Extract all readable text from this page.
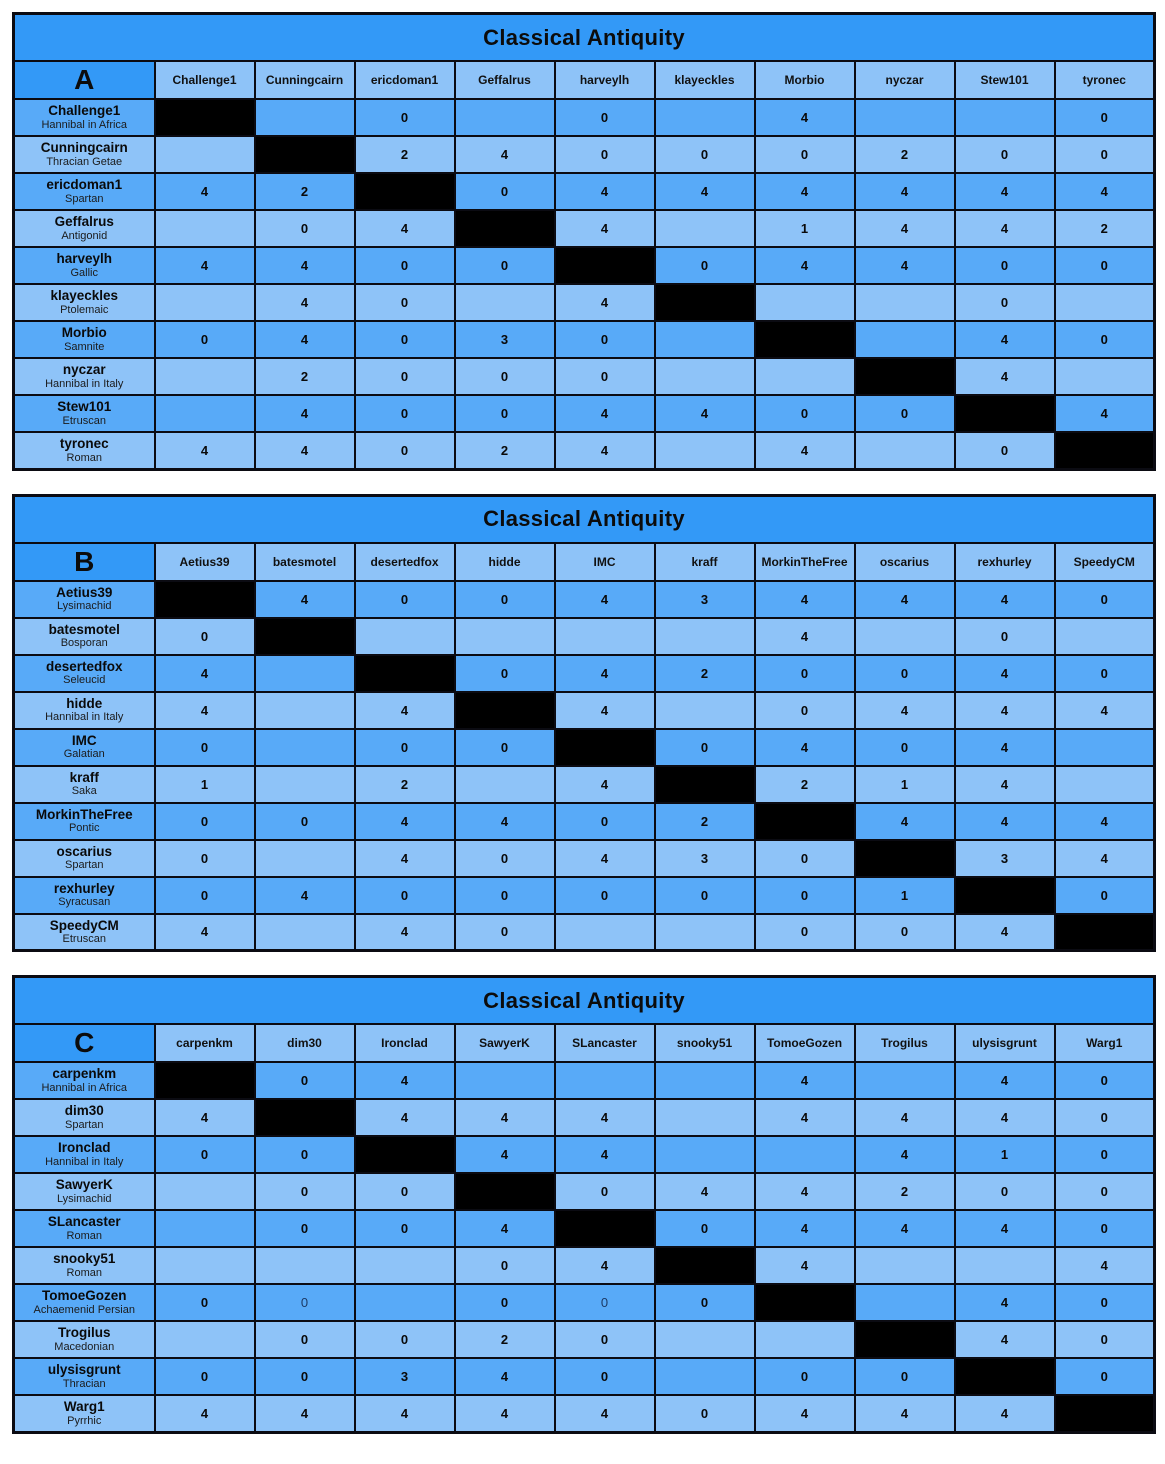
Classical Antiquity										
A	Challenge1	Cunningcairn	ericdoman1	Geffalrus	harveylh	klayeckles	Morbio	nyczar	Stew101	tyronec

Challenge1
Hannibal in Africa			0		0		4			0

Cunningcairn
Thracian Getae			2	4	0	0	0	2	0	0

ericdoman1
Spartan	4	2		0	4	4	4	4	4	4

Geffalrus
Antigonid		0	4		4		1	4	4	2

harveylh
Gallic	4	4	0	0		0	4	4	0	0

klayeckles
Ptolemaic		4	0		4				0	

Morbio
Samnite	0	4	0	3	0				4	0

nyczar
Hannibal in Italy		2	0	0	0				4	

Stew101
Etruscan		4	0	0	4	4	0	0		4

tyronec
Roman	4	4	0	2	4		4		0	
Classical Antiquity										
B	Aetius39	batesmotel	desertedfox	hidde	IMC	kraff	MorkinTheFree	oscarius	rexhurley	SpeedyCM

Aetius39
Lysimachid		4	0	0	4	3	4	4	4	0

batesmotel
Bosporan	0						4		0	

desertedfox
Seleucid	4			0	4	2	0	0	4	0

hidde
Hannibal in Italy	4		4		4		0	4	4	4

IMC
Galatian	0		0	0		0	4	0	4	

kraff
Saka	1		2		4		2	1	4	

MorkinTheFree
Pontic	0	0	4	4	0	2		4	4	4

oscarius
Spartan	0		4	0	4	3	0		3	4

rexhurley
Syracusan	0	4	0	0	0	0	0	1		0

SpeedyCM
Etruscan	4		4	0			0	0	4	
Classical Antiquity										
C	carpenkm	dim30	Ironclad	SawyerK	SLancaster	snooky51	TomoeGozen	Trogilus	ulysisgrunt	Warg1

carpenkm
Hannibal in Africa		0	4				4		4	0

dim30
Spartan	4		4	4	4		4	4	4	0

Ironclad
Hannibal in Italy	0	0		4	4			4	1	0

SawyerK
Lysimachid		0	0		0	4	4	2	0	0

SLancaster
Roman		0	0	4		0	4	4	4	0

snooky51
Roman				0	4		4			4

TomoeGozen
Achaemenid Persian	0	0		0	0	0			4	0

Trogilus
Macedonian		0	0	2	0				4	0

ulysisgrunt
Thracian	0	0	3	4	0		0	0		0

Warg1
Pyrrhic	4	4	4	4	4	0	4	4	4	
